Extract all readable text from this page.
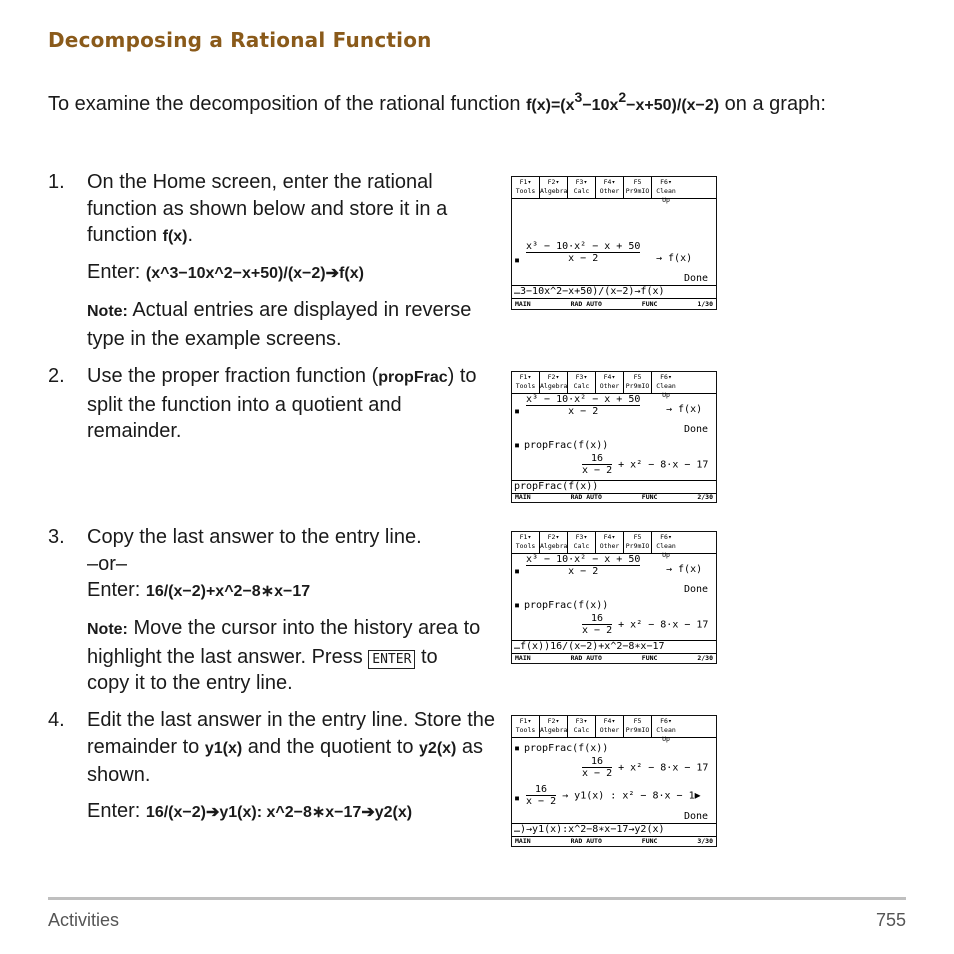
Decomposing a Rational Function
To examine the decomposition of the rational function f(x)=(x3−10x2−x+50)/(x−2) on a graph:
1. On the Home screen, enter the rational function as shown below and store it in a function f(x).
Enter: (x^3−10x^2−x+50)/(x−2)➔f(x)
Note: Actual entries are displayed in reverse type in the example screens.
2. Use the proper fraction function (propFrac) to split the function into a quotient and remainder.
3. Copy the last answer to the entry line.
–or–
Enter: 16/(x−2)+x^2−8∗x−17
Note: Move the cursor into the history area to highlight the last answer. Press ENTER to copy it to the entry line.
4. Edit the last answer in the entry line. Store the remainder to y1(x) and the quotient to y2(x) as shown.
Enter: 16/(x−2)➔y1(x): x^2−8∗x−17➔y2(x)
F1▾
Tools
F2▾
Algebra
F3▾
Calc
F4▾
Other
F5
Pr9mIO
F6▾
Clean Up
▪ $\frac{\text{x³ − 10·x² − x + 50}}{x - 2} \to f(x)$
Done
…3−10x^2−x+50)/(x−2)→f(x)
MAIN	RAD AUTO	FUNC	1/30
F1▾
Tools
F2▾
Algebra
F3▾
Calc
F4▾
Other
F5
Pr9mIO
F6▾
Clean Up
▪ $\frac{\text{x³ − 10·x² − x + 50}}{x - 2}$	→ f(x)
Done
▪ propFrac(f(x))
$\frac{16}{x - 2} + x^2 - 8\cdot x - 17$
propFrac(f(x))
MAIN	RAD AUTO	FUNC	2/30
F1▾
Tools
F2▾
Algebra
F3▾
Calc
F4▾
Other
F5
Pr9mIO
F6▾
Clean Up
▪ $\frac{\text{x³ − 10·x² − x + 50}}{x - 2}$	→ f(x)
Done
▪ propFrac(f(x))
$\frac{16}{x - 2} + x^2 - 8\cdot x - 17$
…f(x))16/(x−2)+x^2−8∗x−17
MAIN	RAD AUTO	FUNC	2/30
F1▾
Tools
F2▾
Algebra
F3▾
Calc
F4▾
Other
F5
Pr9mIO
F6▾
Clean Up
▪ propFrac(f(x))
$\frac{16}{x - 2} + x^2 - 8\cdot x - 17$
▪ $\frac{16}{x - 2} \to y1(x)$ : x² − 8·x − 1▶
Done
…)→y1(x):x^2−8∗x−17→y2(x)
MAIN	RAD AUTO	FUNC	3/30
Activities	755
